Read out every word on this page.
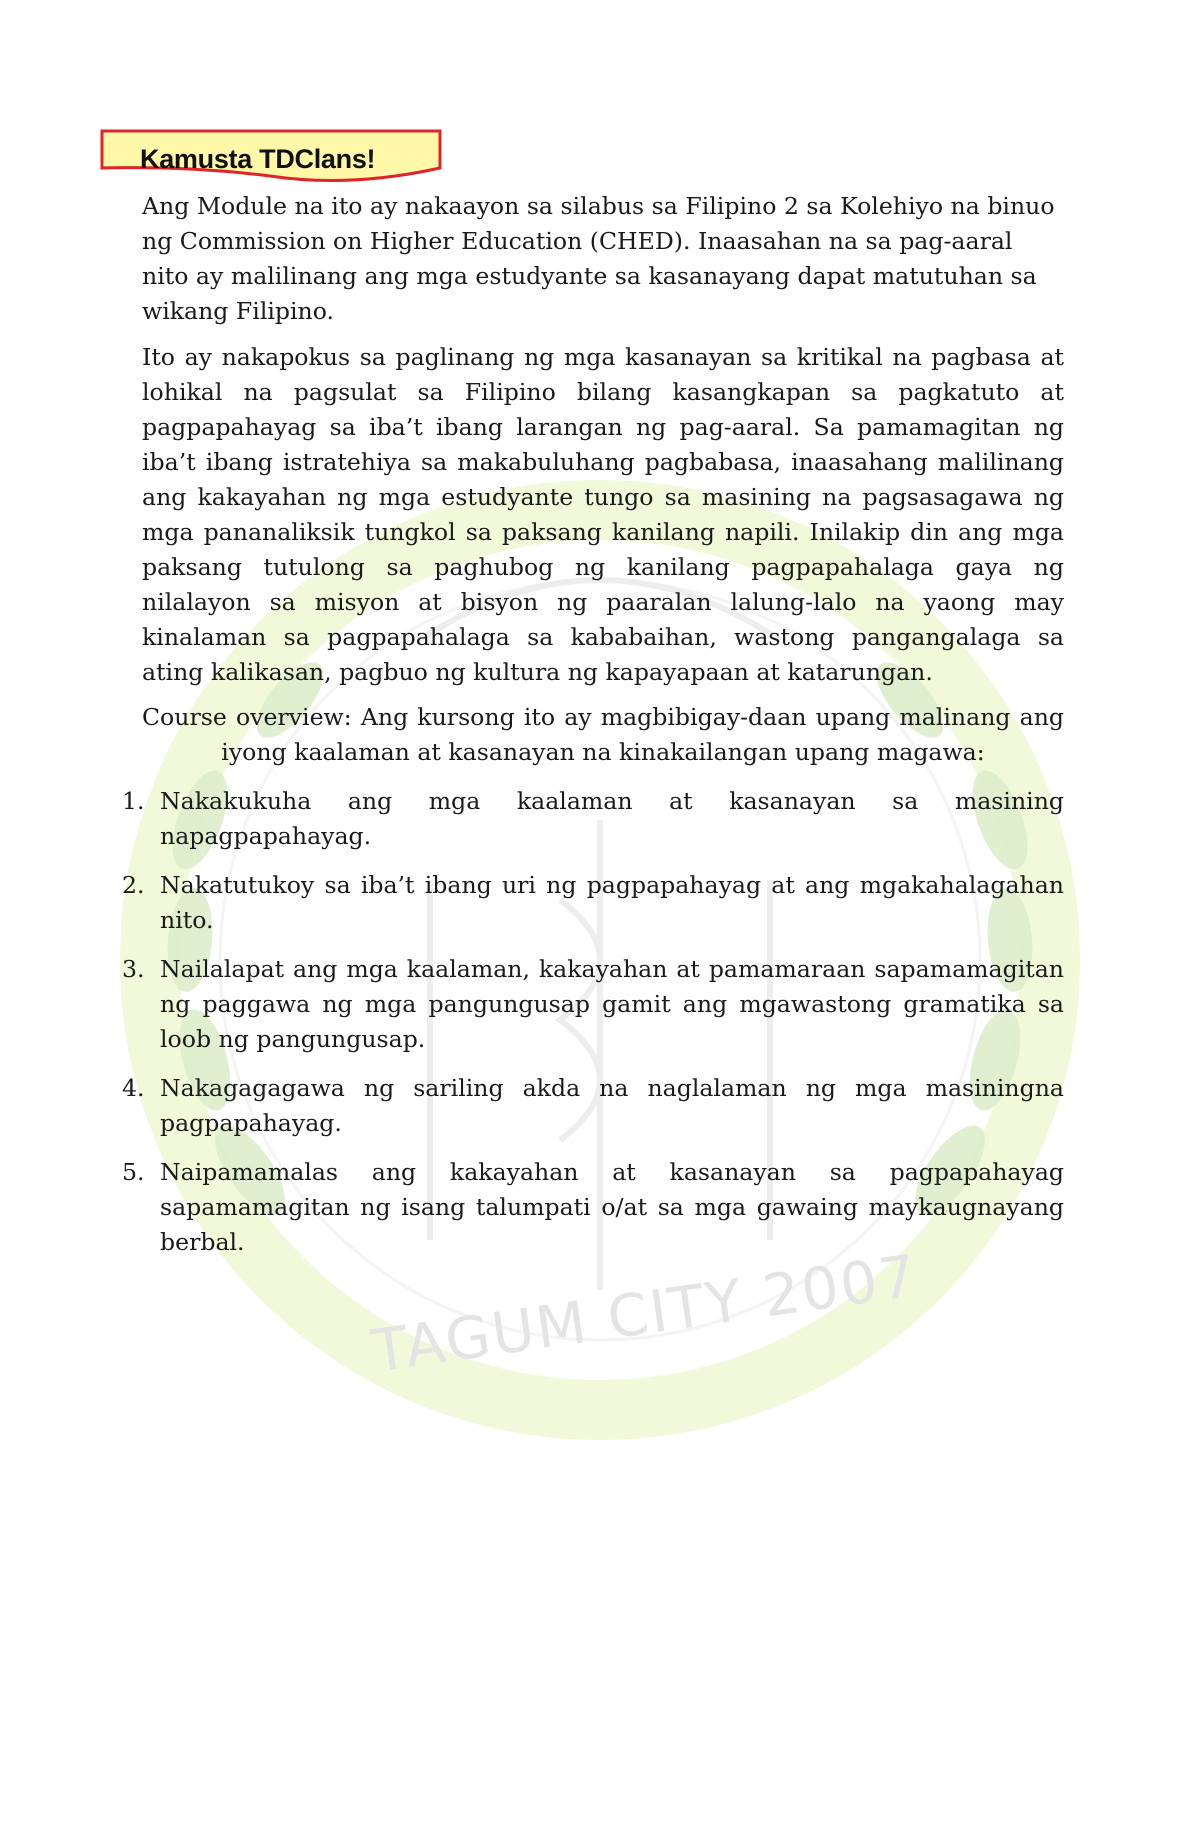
TAGUM CITY 2007
Kamusta TDClans!

Ang Module na ito ay nakaayon sa silabus sa Filipino 2 sa Kolehiyo na binuo ng Commission on Higher Education (CHED). Inaasahan na sa pag-aaral nito ay malilinang ang mga estudyante sa kasanayang dapat matutuhan sa wikang Filipino.

Ito ay nakapokus sa paglinang ng mga kasanayan sa kritikal na pagbasa at lohikal na pagsulat sa Filipino bilang kasangkapan sa pagkatuto at pagpapahayag sa iba’t ibang larangan ng pag-aaral. Sa pamamagitan ng iba’t ibang istratehiya sa makabuluhang pagbabasa, inaasahang malilinang ang kakayahan ng mga estudyante tungo sa masining na pagsasagawa ng mga pananaliksik tungkol sa paksang kanilang napili. Inilakip din ang mga paksang tutulong sa paghubog ng kanilang pagpapahalaga gaya ng nilalayon sa misyon at bisyon ng paaralan lalung-lalo na yaong may kinalaman sa pagpapahalaga sa kababaihan, wastong pangangalaga sa ating kalikasan, pagbuo ng kultura ng kapayapaan at katarungan.

Course overview: Ang kursong ito ay magbibigay-daan upang malinang ang iyong kaalaman at kasanayan na kinakailangan upang magawa:

1. Nakakukuha ang mga kaalaman at kasanayan sa masining napagpapahayag.
2. Nakatutukoy sa iba’t ibang uri ng pagpapahayag at ang mgakahalagahan nito.
3. Nailalapat ang mga kaalaman, kakayahan at pamamaraan sapamamagitan ng paggawa ng mga pangungusap gamit ang mgawastong gramatika sa loob ng pangungusap.
4. Nakagagagawa ng sariling akda na naglalaman ng mga masiningna pagpapahayag.
5. Naipamamalas ang kakayahan at kasanayan sa pagpapahayag sapamamagitan ng isang talumpati o/at sa mga gawaing maykaugnayang berbal.
